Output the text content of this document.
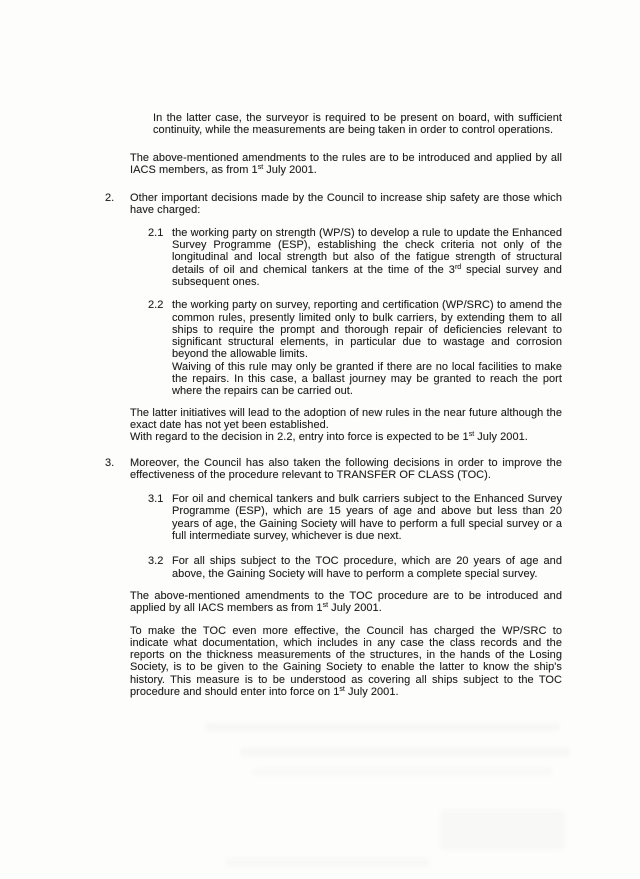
In the latter case, the surveyor is required to be present on board, with sufficient continuity, while the measurements are being taken in order to control operations.

The above-mentioned amendments to the rules are to be introduced and applied by all IACS members, as from 1st July 2001.

2.	Other important decisions made by the Council to increase ship safety are those which have charged:
2.1 the working party on strength (WP/S) to develop a rule to update the Enhanced Survey Programme (ESP), establishing the check criteria not only of the longitudinal and local strength but also of the fatigue strength of structural details of oil and chemical tankers at the time of the 3rd special survey and subsequent ones.
2.2 the working party on survey, reporting and certification (WP/SRC) to amend the common rules, presently limited only to bulk carriers, by extending them to all ships to require the prompt and thorough repair of deficiencies relevant to significant structural elements, in particular due to wastage and corrosion beyond the allowable limits.
Waiving of this rule may only be granted if there are no local facilities to make the repairs. In this case, a ballast journey may be granted to reach the port where the repairs can be carried out.
The latter initiatives will lead to the adoption of new rules in the near future although the exact date has not yet been established.
With regard to the decision in 2.2, entry into force is expected to be 1st July 2001.
3.	Moreover, the Council has also taken the following decisions in order to improve the effectiveness of the procedure relevant to TRANSFER OF CLASS (TOC).
3.1 For oil and chemical tankers and bulk carriers subject to the Enhanced Survey Programme (ESP), which are 15 years of age and above but less than 20 years of age, the Gaining Society will have to perform a full special survey or a full intermediate survey, whichever is due next.
3.2 For all ships subject to the TOC procedure, which are 20 years of age and above, the Gaining Society will have to perform a complete special survey.

The above-mentioned amendments to the TOC procedure are to be introduced and applied by all IACS members as from 1st July 2001.

To make the TOC even more effective, the Council has charged the WP/SRC to indicate what documentation, which includes in any case the class records and the reports on the thickness measurements of the structures, in the hands of the Losing Society, is to be given to the Gaining Society to enable the latter to know the ship's history. This measure is to be understood as covering all ships subject to the TOC procedure and should enter into force on 1st July 2001.
